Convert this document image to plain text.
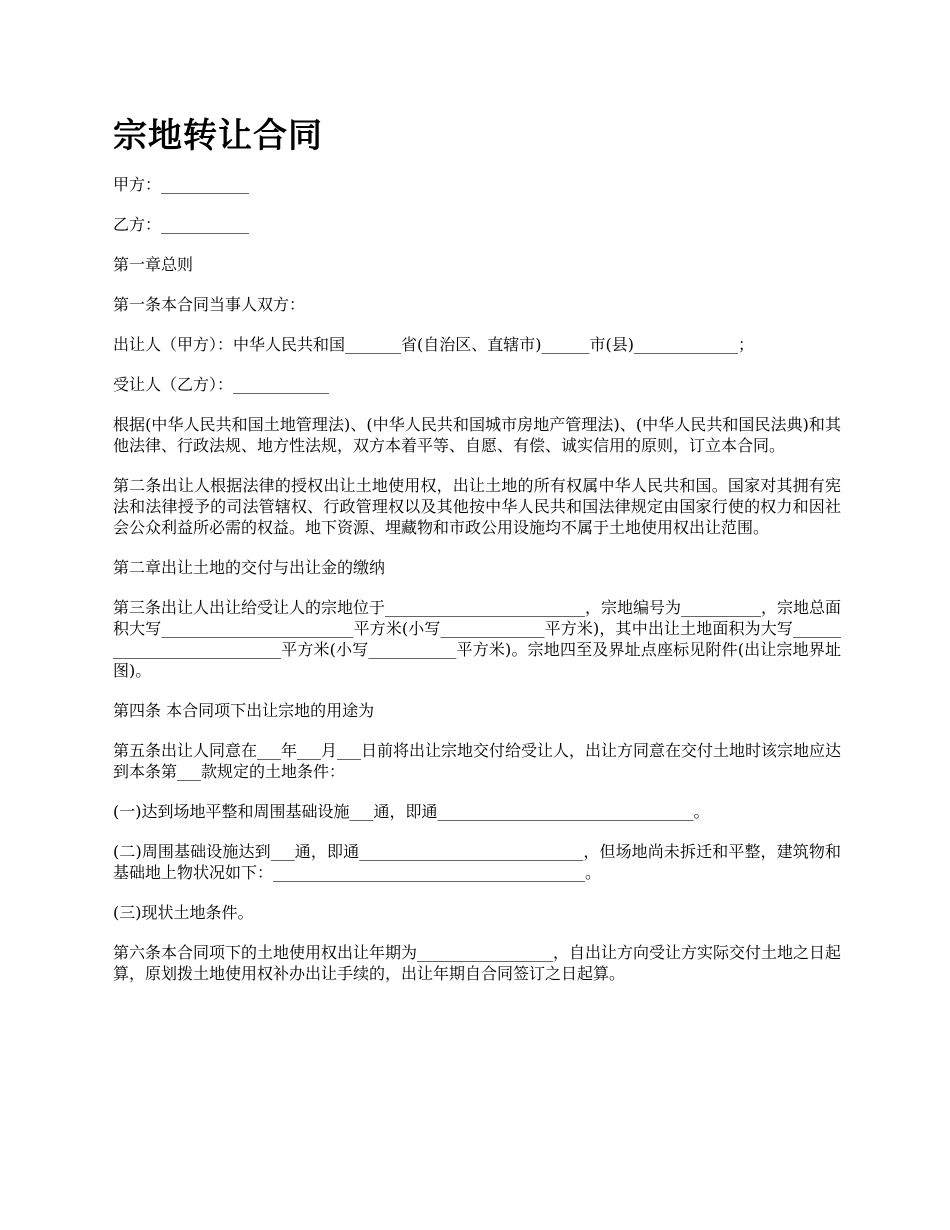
宗地转让合同

甲方：___________

乙方：___________

第一章总则

第一条本合同当事人双方：

出让人（甲方）：中华人民共和国_______省(自治区、直辖市)______市(县)_____________；

受让人（乙方）：____________

根据(中华人民共和国土地管理法)、(中华人民共和国城市房地产管理法)、(中华人民共和国民法典)和其他法律、行政法规、地方性法规，双方本着平等、自愿、有偿、诚实信用的原则，订立本合同。

第二条出让人根据法律的授权出让土地使用权，出让土地的所有权属中华人民共和国。国家对其拥有宪法和法律授予的司法管辖权、行政管理权以及其他按中华人民共和国法律规定由国家行使的权力和因社会公众利益所必需的权益。地下资源、埋藏物和市政公用设施均不属于土地使用权出让范围。

第二章出让土地的交付与出让金的缴纳

第三条出让人出让给受让人的宗地位于_________________________，宗地编号为__________，宗地总面积大写________________________平方米(小写_____________平方米)，其中出让土地面积为大写___________________________平方米(小写___________平方米)。宗地四至及界址点座标见附件(出让宗地界址图)。

第四条 本合同项下出让宗地的用途为

第五条出让人同意在___年___月___日前将出让宗地交付给受让人，出让方同意在交付土地时该宗地应达到本条第___款规定的土地条件：

(一)达到场地平整和周围基础设施___通，即通________________________________。

(二)周围基础设施达到___通，即通____________________________，但场地尚未拆迁和平整，建筑物和基础地上物状况如下：_______________________________________。

(三)现状土地条件。

第六条本合同项下的土地使用权出让年期为_________________，自出让方向受让方实际交付土地之日起算，原划拨土地使用权补办出让手续的，出让年期自合同签订之日起算。
